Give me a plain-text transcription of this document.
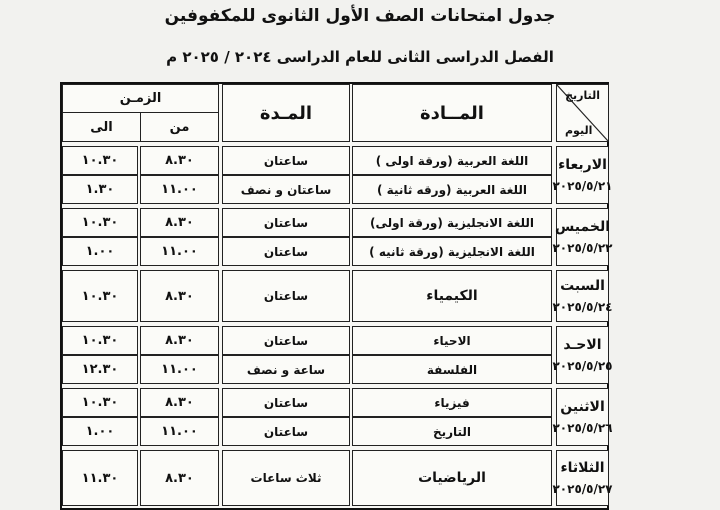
جدول امتحانات الصف الأول الثانوى للمكفوفين
الفصل الدراسى الثانى للعام الدراسى ٢٠٢٤ / ٢٠٢٥ م
التاريخ
اليوم
المــادة
المـدة
الزمـن
من
الى
الاربعاء
٢٠٢٥/٥/٢١
اللغة العربية (ورقة اولى )
ساعتان
٨.٣٠
١٠.٣٠
اللغة العربية (ورقه ثانية )
ساعتان و نصف
١١.٠٠
١.٣٠
الخميس
٢٠٢٥/٥/٢٢
اللغة الانجليزية (ورقة اولى)
ساعتان
٨.٣٠
١٠.٣٠
اللغة الانجليزية (ورقة ثانيه )
ساعتان
١١.٠٠
١.٠٠
السبت
٢٠٢٥/٥/٢٤
الكيمياء
ساعتان
٨.٣٠
١٠.٣٠
الاحـد
٢٠٢٥/٥/٢٥
الاحياء
ساعتان
٨.٣٠
١٠.٣٠
الفلسفة
ساعة و نصف
١١.٠٠
١٢.٣٠
الاثنين
٢٠٢٥/٥/٢٦
فيزياء
ساعتان
٨.٣٠
١٠.٣٠
التاريخ
ساعتان
١١.٠٠
١.٠٠
الثلاثاء
٢٠٢٥/٥/٢٧
الرياضيات
ثلاث ساعات
٨.٣٠
١١.٣٠
